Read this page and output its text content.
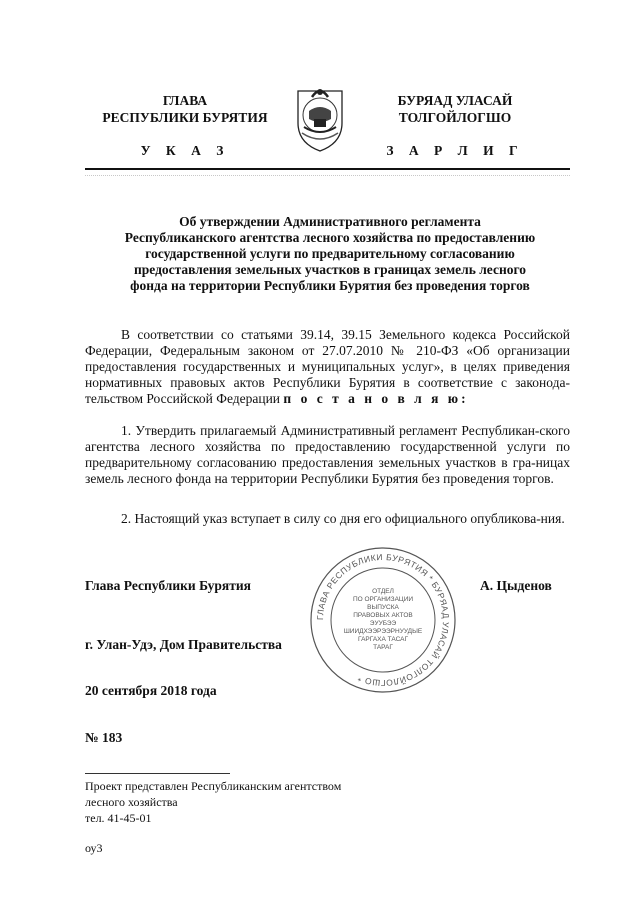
ГЛАВА
РЕСПУБЛИКИ БУРЯТИЯ
У К А З
БУРЯАД УЛАСАЙ
ТОЛГОЙЛОГШО
З А Р Л И Г
Об утверждении Административного регламента
Республиканского агентства лесного хозяйства по предоставлению
государственной услуги по предварительному согласованию
предоставления земельных участков в границах земель лесного
фонда на территории Республики Бурятия без проведения торгов
В соответствии со статьями 39.14, 39.15 Земельного кодекса Российской Федерации, Федеральным законом от 27.07.2010 № 210-ФЗ «Об организации предоставления государственных и муниципальных услуг», в целях приведения нормативных правовых актов Республики Бурятия в соответствие с законода-тельством Российской Федерации п о с т а н о в л я ю:
1. Утвердить прилагаемый Административный регламент Республикан-ского агентства лесного хозяйства по предоставлению государственной услуги по предварительному согласованию предоставления земельных участков в гра-ницах земель лесного фонда на территории Республики Бурятия без проведения торгов.
2. Настоящий указ вступает в силу со дня его официального опубликова-ния.
Глава Республики Бурятия	А. Цыденов
ГЛАВА РЕСПУБЛИКИ БУРЯТИЯ * БУРЯАД УЛАСАЙ ТОЛГОЙЛОГШО *
ОТДЕЛ
ПО ОРГАНИЗАЦИИ
ВЫПУСКА
ПРАВОВЫХ АКТОВ
ЭУУБЭЭ
ШИИДХЭЭРЭЭРНУУДЫЕ
ГАРГАХА ТАСАГ
ТАРАГ
г. Улан-Удэ, Дом Правительства
20 сентября 2018 года
№ 183
Проект представлен Республиканским агентством
лесного хозяйства
тел. 41-45-01
оу3
